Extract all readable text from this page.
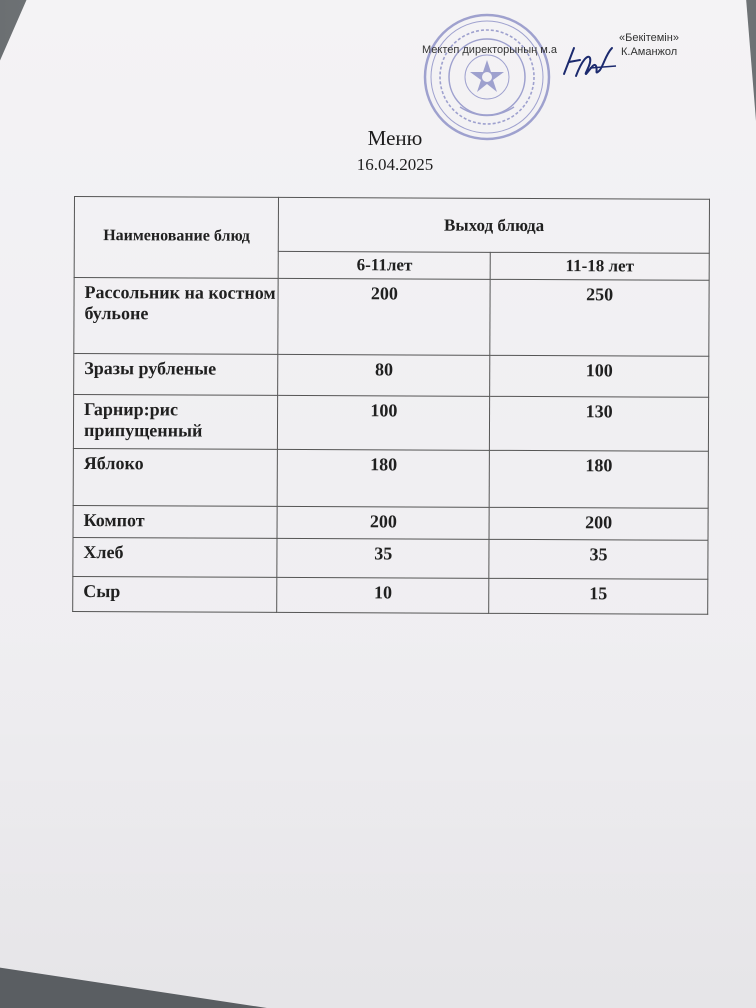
Мектеп директорының м.а
«Бекітемін»
К.Аманжол
Меню
16.04.2025
Наименование блюд	Выход блюда	
	6-11лет	11-18 лет

Рассольник на костном бульоне	200	250

Зразы рубленые	80	100

Гарнир:рис припущенный	100	130

Яблоко	180	180

Компот	200	200

Хлеб	35	35

Сыр	10	15
